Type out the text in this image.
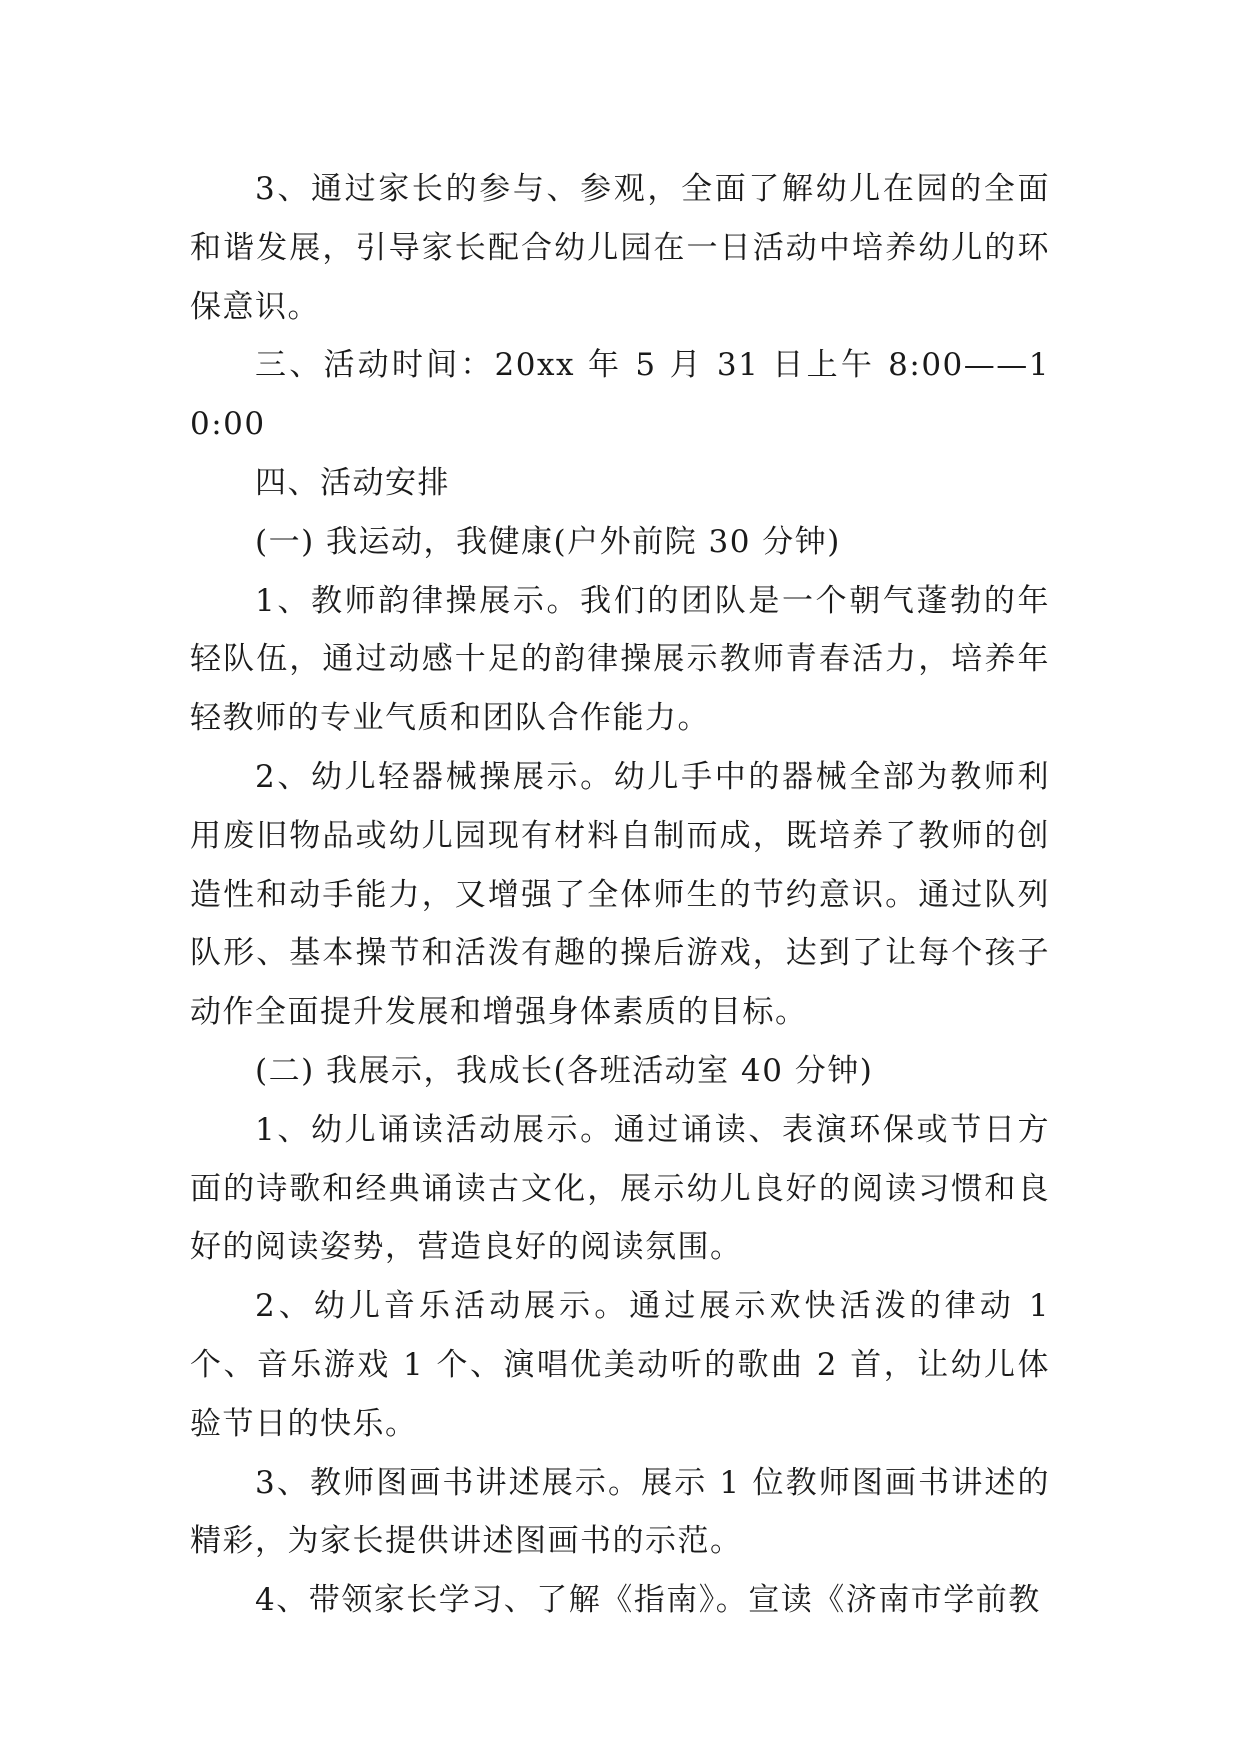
3、通过家长的参与、参观，全面了解幼儿在园的全面和谐发展，引导家长配合幼儿园在一日活动中培养幼儿的环保意识。

三、活动时间：20xx 年 5 月 31 日上午 8:00——10:00

四、活动安排

(一) 我运动，我健康(户外前院 30 分钟)

1、教师韵律操展示。我们的团队是一个朝气蓬勃的年轻队伍，通过动感十足的韵律操展示教师青春活力，培养年轻教师的专业气质和团队合作能力。

2、幼儿轻器械操展示。幼儿手中的器械全部为教师利用废旧物品或幼儿园现有材料自制而成，既培养了教师的创造性和动手能力，又增强了全体师生的节约意识。通过队列队形、基本操节和活泼有趣的操后游戏，达到了让每个孩子动作全面提升发展和增强身体素质的目标。

(二) 我展示，我成长(各班活动室 40 分钟)

1、幼儿诵读活动展示。通过诵读、表演环保或节日方面的诗歌和经典诵读古文化，展示幼儿良好的阅读习惯和良好的阅读姿势，营造良好的阅读氛围。

2、幼儿音乐活动展示。通过展示欢快活泼的律动 1 个、音乐游戏 1 个、演唱优美动听的歌曲 2 首，让幼儿体验节日的快乐。

3、教师图画书讲述展示。展示 1 位教师图画书讲述的精彩，为家长提供讲述图画书的示范。

4、带领家长学习、了解《指南》。宣读《济南市学前教
